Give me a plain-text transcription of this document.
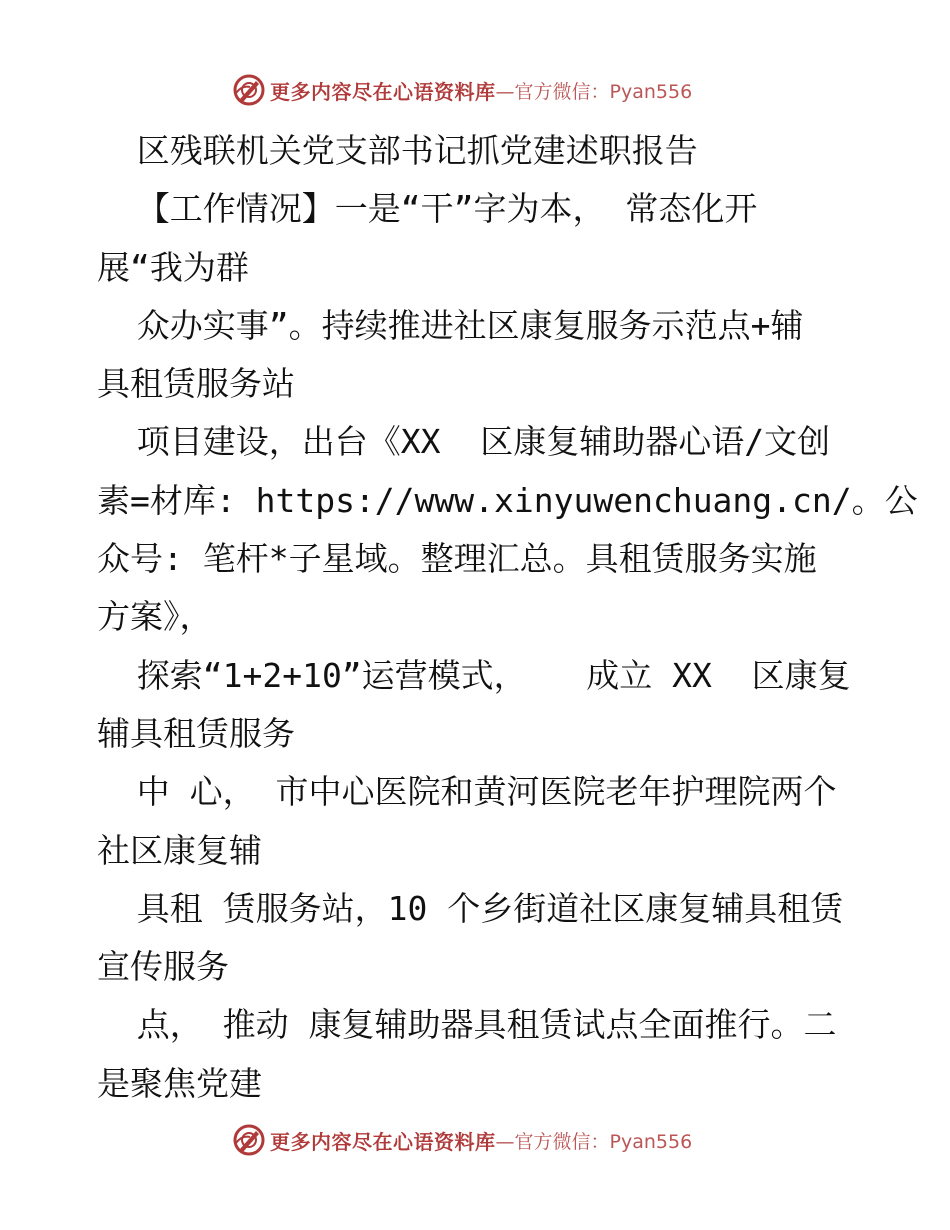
更多内容尽在心语资料库 —官方微信：Pyan556
区残联机关党支部书记抓党建述职报告
【工作情况】一是“干”字为本， 常态化开
展“我为群
众办实事”。持续推进社区康复服务示范点+辅
具租赁服务站
项目建设，出台《XX  区康复辅助器心语/文创
素=材库: https://www.xinyuwenchuang.cn/。公
众号: 笔杆*子星域。整理汇总。具租赁服务实施
方案》，
探索“1+2+10”运营模式，   成立 XX  区康复
辅具租赁服务
中 心， 市中心医院和黄河医院老年护理院两个
社区康复辅
具租 赁服务站，10 个乡街道社区康复辅具租赁
宣传服务
点， 推动 康复辅助器具租赁试点全面推行。二
是聚焦党建
更多内容尽在心语资料库 —官方微信：Pyan556
